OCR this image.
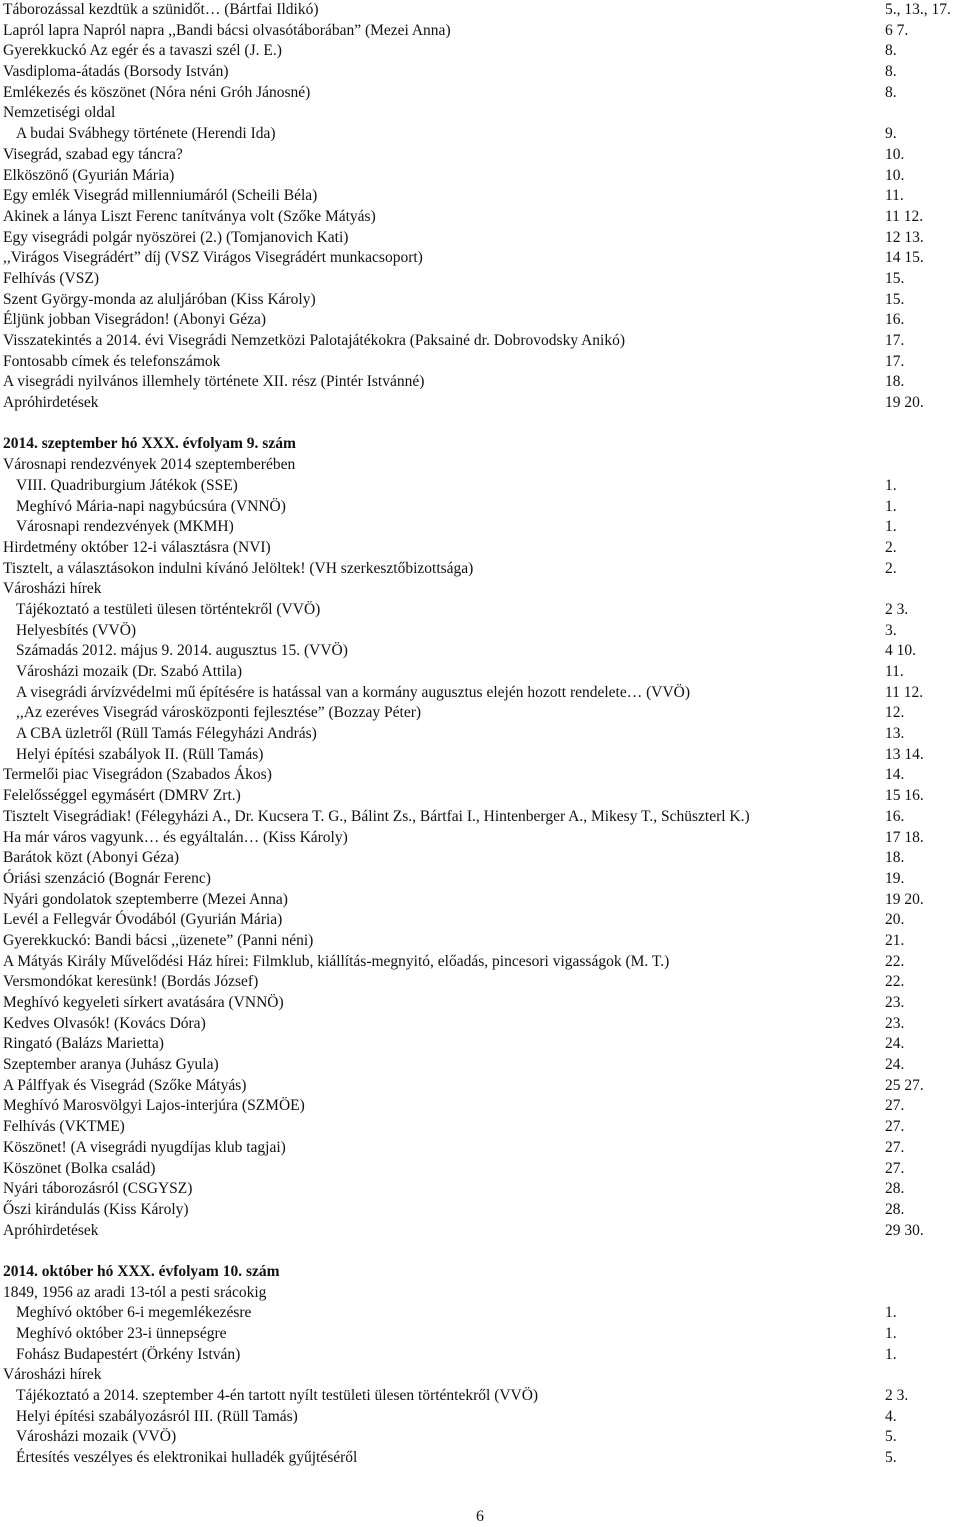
Táborozással kezdtük a szünidőt… (Bártfai Ildikó)	5., 13., 17.
Lapról lapra Napról napra ,,Bandi bácsi olvasótáborában” (Mezei Anna)	6 7.
Gyerekkuckó Az egér és a tavaszi szél (J. E.)	8.
Vasdiploma-átadás (Borsody István)	8.
Emlékezés és köszönet (Nóra néni Gróh Jánosné)	8.
Nemzetiségi oldal
A budai Svábhegy története (Herendi Ida)	9.
Visegrád, szabad egy táncra?	10.
Elköszönő (Gyurián Mária)	10.
Egy emlék Visegrád millenniumáról (Scheili Béla)	11.
Akinek a lánya Liszt Ferenc tanítványa volt (Szőke Mátyás)	11 12.
Egy visegrádi polgár nyöszörei (2.) (Tomjanovich Kati)	12 13.
,,Virágos Visegrádért” díj (VSZ Virágos Visegrádért munkacsoport)	14 15.
Felhívás (VSZ)	15.
Szent György-monda az aluljáróban (Kiss Károly)	15.
Éljünk jobban Visegrádon! (Abonyi Géza)	16.
Visszatekintés a 2014. évi Visegrádi Nemzetközi Palotajátékokra (Paksainé dr. Dobrovodsky Anikó)	17.
Fontosabb címek és telefonszámok	17.
A visegrádi nyilvános illemhely története XII. rész (Pintér Istvánné)	18.
Apróhirdetések	19 20.
2014. szeptember hó XXX. évfolyam 9. szám
Városnapi rendezvények 2014 szeptemberében
VIII. Quadriburgium Játékok (SSE)	1.
Meghívó Mária-napi nagybúcsúra (VNNÖ)	1.
Városnapi rendezvények (MKMH)	1.
Hirdetmény október 12-i választásra (NVI)	2.
Tisztelt, a választásokon indulni kívánó Jelöltek! (VH szerkesztőbizottsága)	2.
Városházi hírek
Tájékoztató a testületi ülesen történtekről (VVÖ)	2 3.
Helyesbítés (VVÖ)	3.
Számadás 2012. május 9. 2014. augusztus 15. (VVÖ)	4 10.
Városházi mozaik (Dr. Szabó Attila)	11.
A visegrádi árvízvédelmi mű építésére is hatással van a kormány augusztus elején hozott rendelete… (VVÖ)	11 12.
,,Az ezeréves Visegrád városközponti fejlesztése” (Bozzay Péter)	12.
A CBA üzletről (Rüll Tamás Félegyházi András)	13.
Helyi építési szabályok II. (Rüll Tamás)	13 14.
Termelői piac Visegrádon (Szabados Ákos)	14.
Felelősséggel egymásért (DMRV Zrt.)	15 16.
Tisztelt Visegrádiak! (Félegyházi A., Dr. Kucsera T. G., Bálint Zs., Bártfai I., Hintenberger A., Mikesy T., Schüszterl K.)	16.
Ha már város vagyunk… és egyáltalán… (Kiss Károly)	17 18.
Barátok közt (Abonyi Géza)	18.
Óriási szenzáció (Bognár Ferenc)	19.
Nyári gondolatok szeptemberre (Mezei Anna)	19 20.
Levél a Fellegvár Óvodából (Gyurián Mária)	20.
Gyerekkuckó: Bandi bácsi ,,üzenete” (Panni néni)	21.
A Mátyás Király Művelődési Ház hírei: Filmklub, kiállítás-megnyitó, előadás, pincesori vigasságok (M. T.)	22.
Versmondókat keresünk! (Bordás József)	22.
Meghívó kegyeleti sírkert avatására (VNNÖ)	23.
Kedves Olvasók! (Kovács Dóra)	23.
Ringató (Balázs Marietta)	24.
Szeptember aranya (Juhász Gyula)	24.
A Pálffyak és Visegrád (Szőke Mátyás)	25 27.
Meghívó Marosvölgyi Lajos-interjúra (SZMÖE)	27.
Felhívás (VKTME)	27.
Köszönet! (A visegrádi nyugdíjas klub tagjai)	27.
Köszönet (Bolka család)	27.
Nyári táborozásról (CSGYSZ)	28.
Őszi kirándulás (Kiss Károly)	28.
Apróhirdetések	29 30.
2014. október hó XXX. évfolyam 10. szám
1849, 1956 az aradi 13-tól a pesti srácokig
Meghívó október 6-i megemlékezésre	1.
Meghívó október 23-i ünnepségre	1.
Fohász Budapestért (Örkény István)	1.
Városházi hírek
Tájékoztató a 2014. szeptember 4-én tartott nyílt testületi ülesen történtekről (VVÖ)	2 3.
Helyi építési szabályozásról III. (Rüll Tamás)	4.
Városházi mozaik (VVÖ)	5.
Értesítés veszélyes és elektronikai hulladék gyűjtéséről	5.
6
